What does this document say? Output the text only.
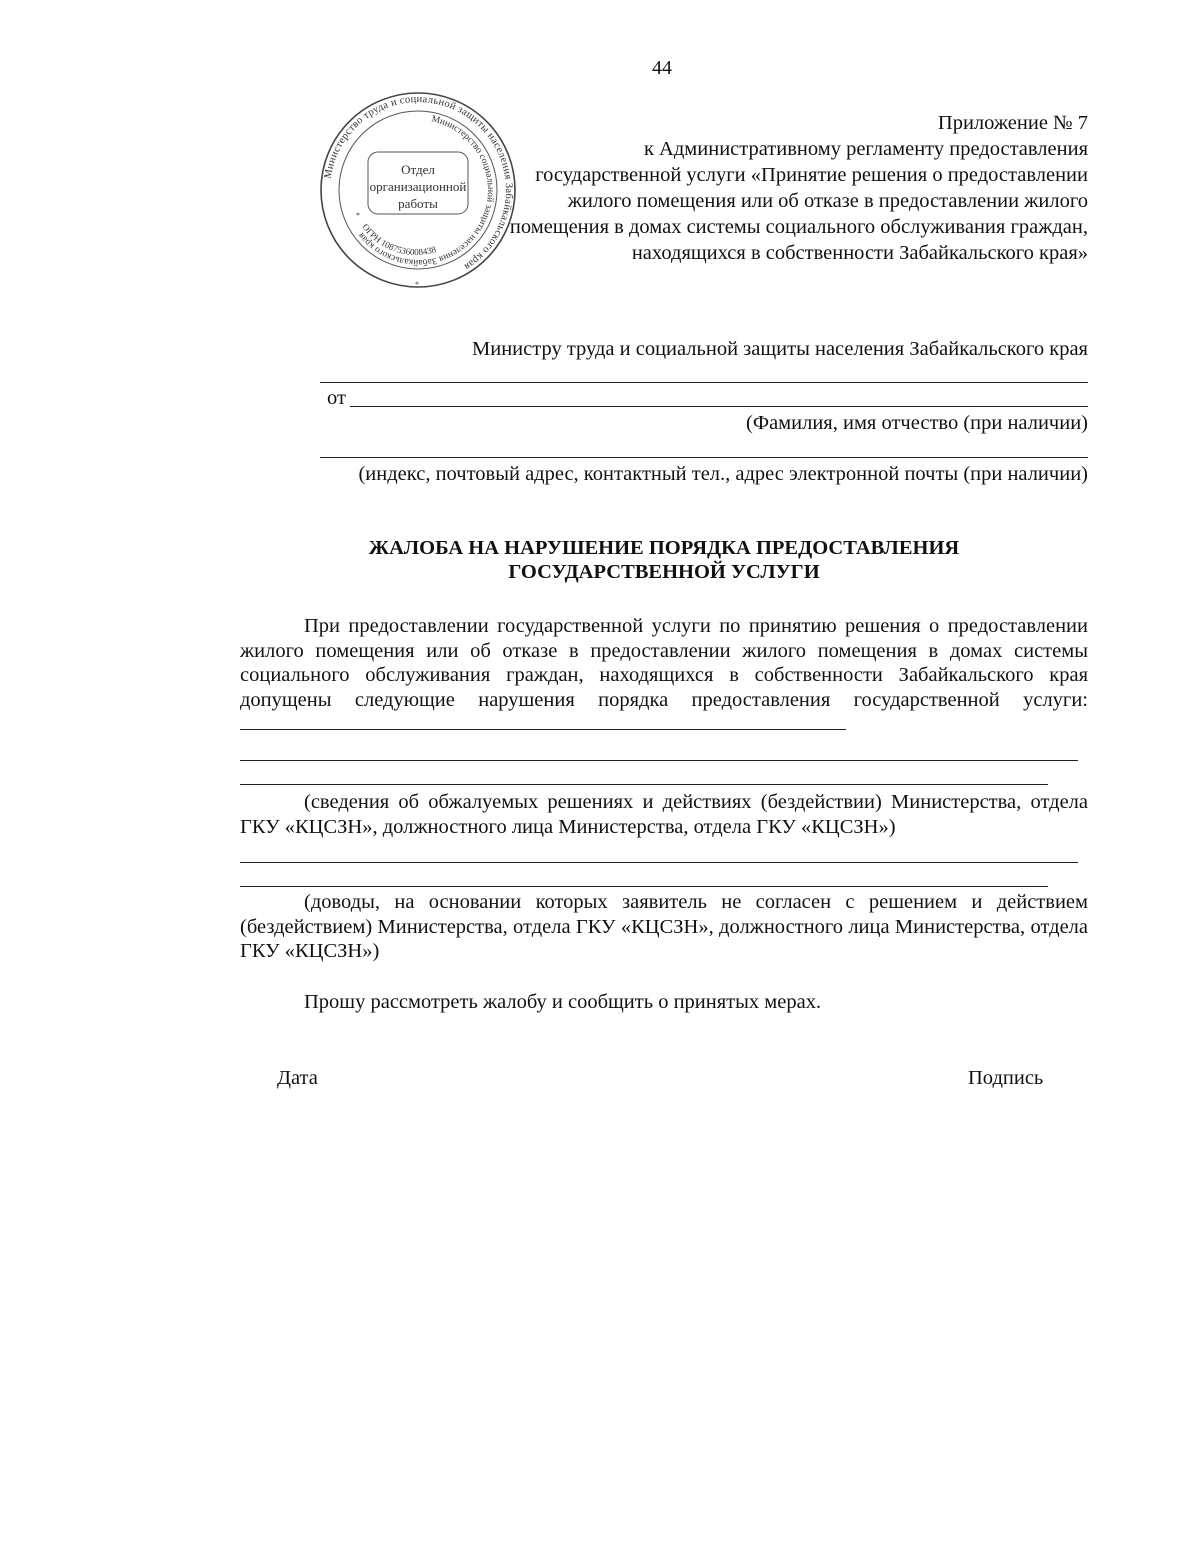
44
Министерство труда и социальной защиты населения Забайкальского края
Министерство социальной защиты населения Забайкальского края
ОГРН 1087536008438
Отдел
организационной
работы
*
*
Приложение № 7
к Административному регламенту предоставления
государственной услуги «Принятие решения о предоставлении
жилого помещения или об отказе в предоставлении жилого
помещения в домах системы социального обслуживания граждан,
находящихся в собственности Забайкальского края»
Министру труда и социальной защиты населения Забайкальского края
от
(Фамилия, имя отчество (при наличии)
(индекс, почтовый адрес, контактный тел., адрес электронной почты (при наличии)
ЖАЛОБА НА НАРУШЕНИЕ ПОРЯДКА ПРЕДОСТАВЛЕНИЯ
ГОСУДАРСТВЕННОЙ УСЛУГИ
При предоставлении государственной услуги по принятию решения о предоставлении жилого помещения или об отказе в предоставлении жилого помещения в домах системы социального обслуживания граждан, находящихся в собственности Забайкальского края допущены следующие нарушения порядка предоставления государственной услуги:
(сведения об обжалуемых решениях и действиях (бездействии) Министерства, отдела ГКУ «КЦСЗН», должностного лица Министерства, отдела ГКУ «КЦСЗН»)
(доводы, на основании которых заявитель не согласен с решением и действием (бездействием) Министерства, отдела ГКУ «КЦСЗН», должностного лица Министерства, отдела ГКУ «КЦСЗН»)
Прошу рассмотреть жалобу и сообщить о принятых мерах.
Дата	Подпись
